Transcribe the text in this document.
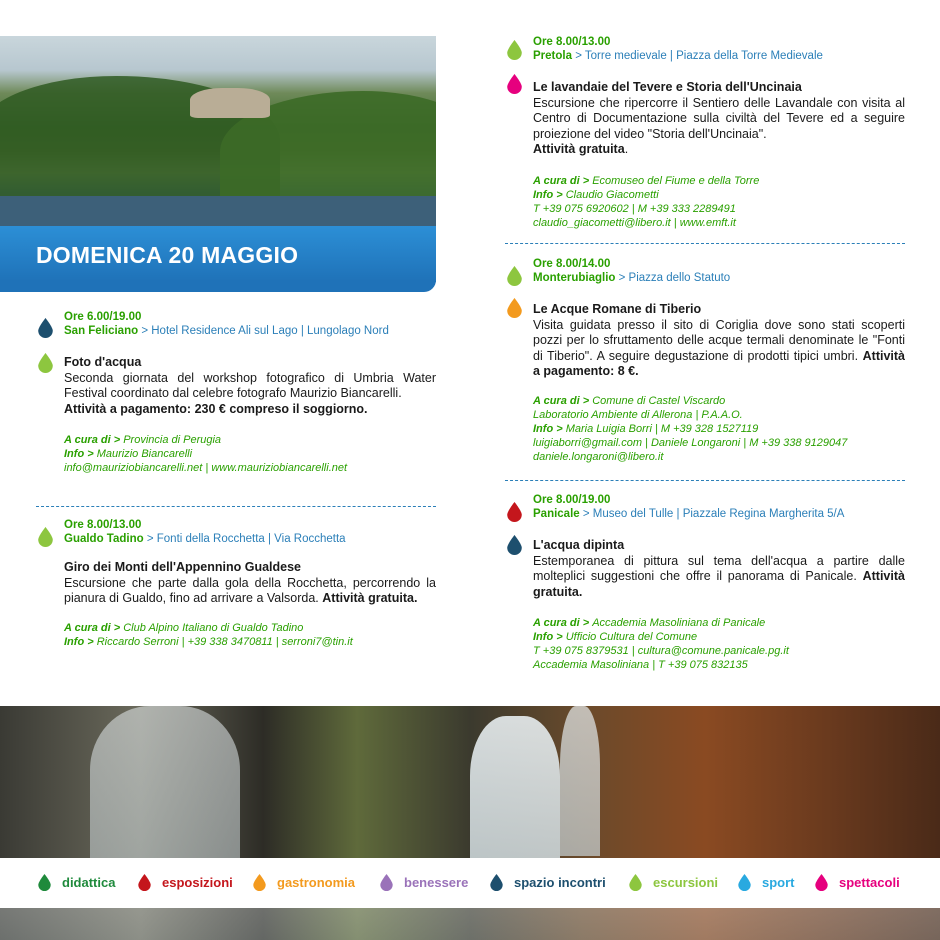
DOMENICA 20 MAGGIO
Ore 6.00/19.00
San Feliciano > Hotel Residence Ali sul Lago | Lungolago Nord
Foto d'acqua
Seconda giornata del workshop fotografico di Umbria Water Festival coordinato dal celebre fotografo Maurizio Biancarelli.
Attività a pagamento: 230 € compreso il soggiorno.
A cura di > Provincia di Perugia
Info > Maurizio Biancarelli
info@mauriziobiancarelli.net | www.mauriziobiancarelli.net
Ore 8.00/13.00
Gualdo Tadino > Fonti della Rocchetta | Via Rocchetta
Giro dei Monti dell'Appennino Gualdese
Escursione che parte dalla gola della Rocchetta, percorrendo la pianura di Gualdo, fino ad arrivare a Valsorda. Attività gratuita.
A cura di > Club Alpino Italiano di Gualdo Tadino
Info > Riccardo Serroni | +39 338 3470811 | serroni7@tin.it
Ore 8.00/13.00
Pretola > Torre medievale | Piazza della Torre Medievale
Le lavandaie del Tevere e Storia dell'Uncinaia
Escursione che ripercorre il Sentiero delle Lavandale con visita al Centro di Documentazione sulla civiltà del Tevere ed a seguire proiezione del video "Storia dell'Uncinaia".
Attività gratuita.
A cura di > Ecomuseo del Fiume e della Torre
Info > Claudio Giacometti
T +39 075 6920602 | M +39 333 2289491
claudio_giacometti@libero.it | www.emft.it
Ore 8.00/14.00
Monterubiaglio > Piazza dello Statuto
Le Acque Romane di Tiberio
Visita guidata presso il sito di Coriglia dove sono stati scoperti pozzi per lo sfruttamento delle acque termali denominate le "Fonti di Tiberio". A seguire degustazione di prodotti tipici umbri. Attività a pagamento: 8 €.
A cura di > Comune di Castel Viscardo
Laboratorio Ambiente di Allerona | P.A.A.O.
Info > Maria Luigia Borri | M +39 328 1527119
luigiaborri@gmail.com | Daniele Longaroni | M +39 338 9129047
daniele.longaroni@libero.it
Ore 8.00/19.00
Panicale > Museo del Tulle | Piazzale Regina Margherita 5/A
L'acqua dipinta
Estemporanea di pittura sul tema dell'acqua a partire dalle molteplici suggestioni che offre il panorama di Panicale. Attività gratuita.
A cura di > Accademia Masoliniana di Panicale
Info > Ufficio Cultura del Comune
T +39 075 8379531 | cultura@comune.panicale.pg.it
Accademia Masoliniana | T +39 075 832135
didattica	esposizioni	gastronomia	benessere	spazio incontri	escursioni	sport	spettacoli
